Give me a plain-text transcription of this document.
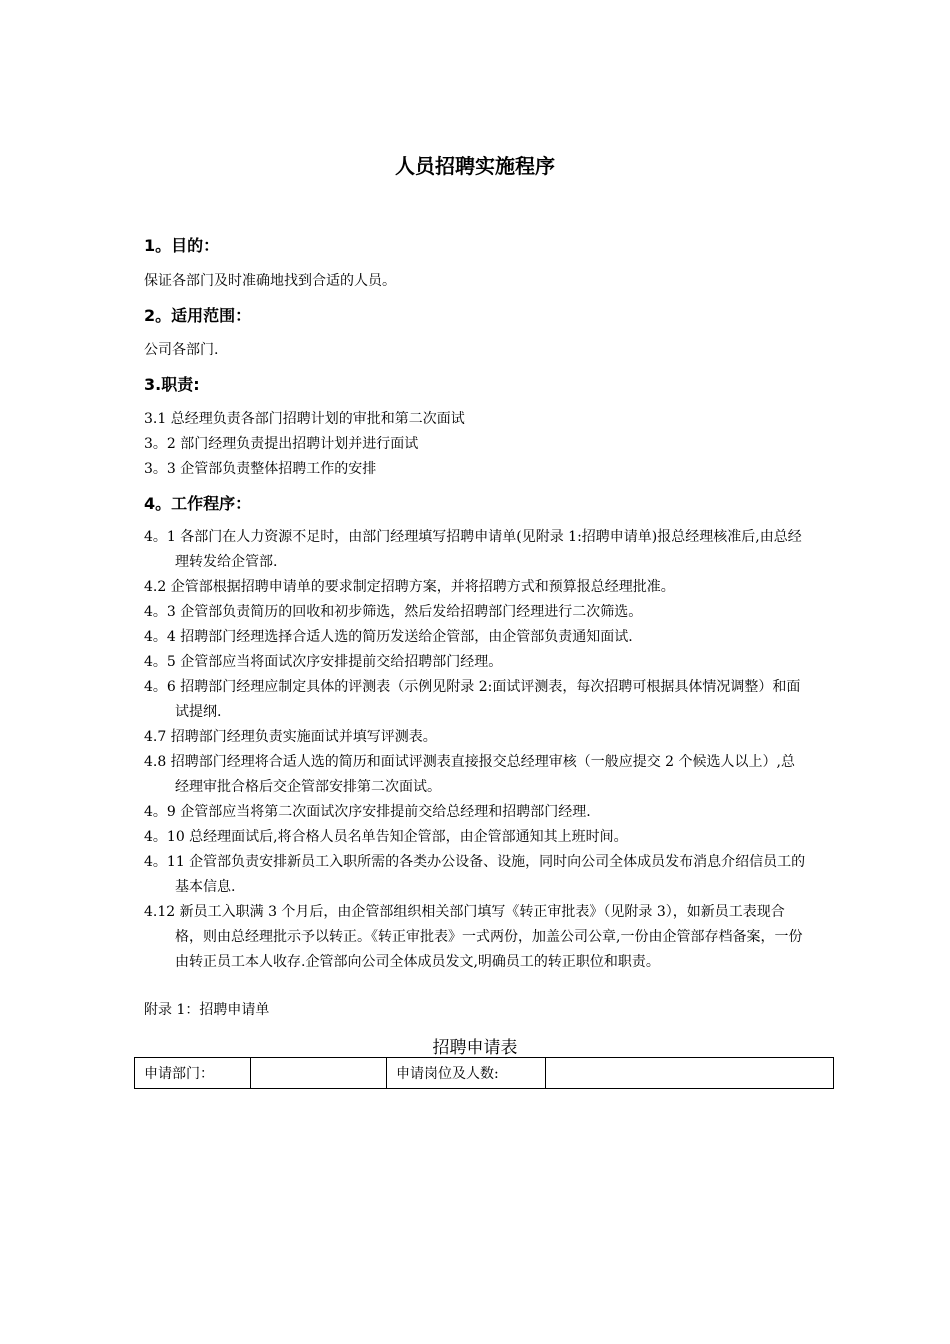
人员招聘实施程序
1。目的：
保证各部门及时准确地找到合适的人员。
2。适用范围：
公司各部门.
3.职责:
3.1 总经理负责各部门招聘计划的审批和第二次面试
3。2 部门经理负责提出招聘计划并进行面试
3。3 企管部负责整体招聘工作的安排
4。工作程序：
4。1 各部门在人力资源不足时，由部门经理填写招聘申请单(见附录 1:招聘申请单)报总经理核准后,由总经理转发给企管部.
4.2 企管部根据招聘申请单的要求制定招聘方案，并将招聘方式和预算报总经理批准。
4。3 企管部负责简历的回收和初步筛选，然后发给招聘部门经理进行二次筛选。
4。4 招聘部门经理选择合适人选的简历发送给企管部，由企管部负责通知面试.
4。5 企管部应当将面试次序安排提前交给招聘部门经理。
4。6 招聘部门经理应制定具体的评测表（示例见附录 2:面试评测表，每次招聘可根据具体情况调整）和面试提纲.
4.7 招聘部门经理负责实施面试并填写评测表。
4.8 招聘部门经理将合适人选的简历和面试评测表直接报交总经理审核（一般应提交 2 个候选人以上）,总经理审批合格后交企管部安排第二次面试。
4。9 企管部应当将第二次面试次序安排提前交给总经理和招聘部门经理.
4。10 总经理面试后,将合格人员名单告知企管部，由企管部通知其上班时间。
4。11 企管部负责安排新员工入职所需的各类办公设备、设施，同时向公司全体成员发布消息介绍信员工的基本信息.
4.12 新员工入职满 3 个月后，由企管部组织相关部门填写《转正审批表》（见附录 3），如新员工表现合格，则由总经理批示予以转正。《转正审批表》一式两份，加盖公司公章,一份由企管部存档备案，一份由转正员工本人收存.企管部向公司全体成员发文,明确员工的转正职位和职责。
附录 1：招聘申请单
招聘申请表
申请部门：		申请岗位及人数:	
